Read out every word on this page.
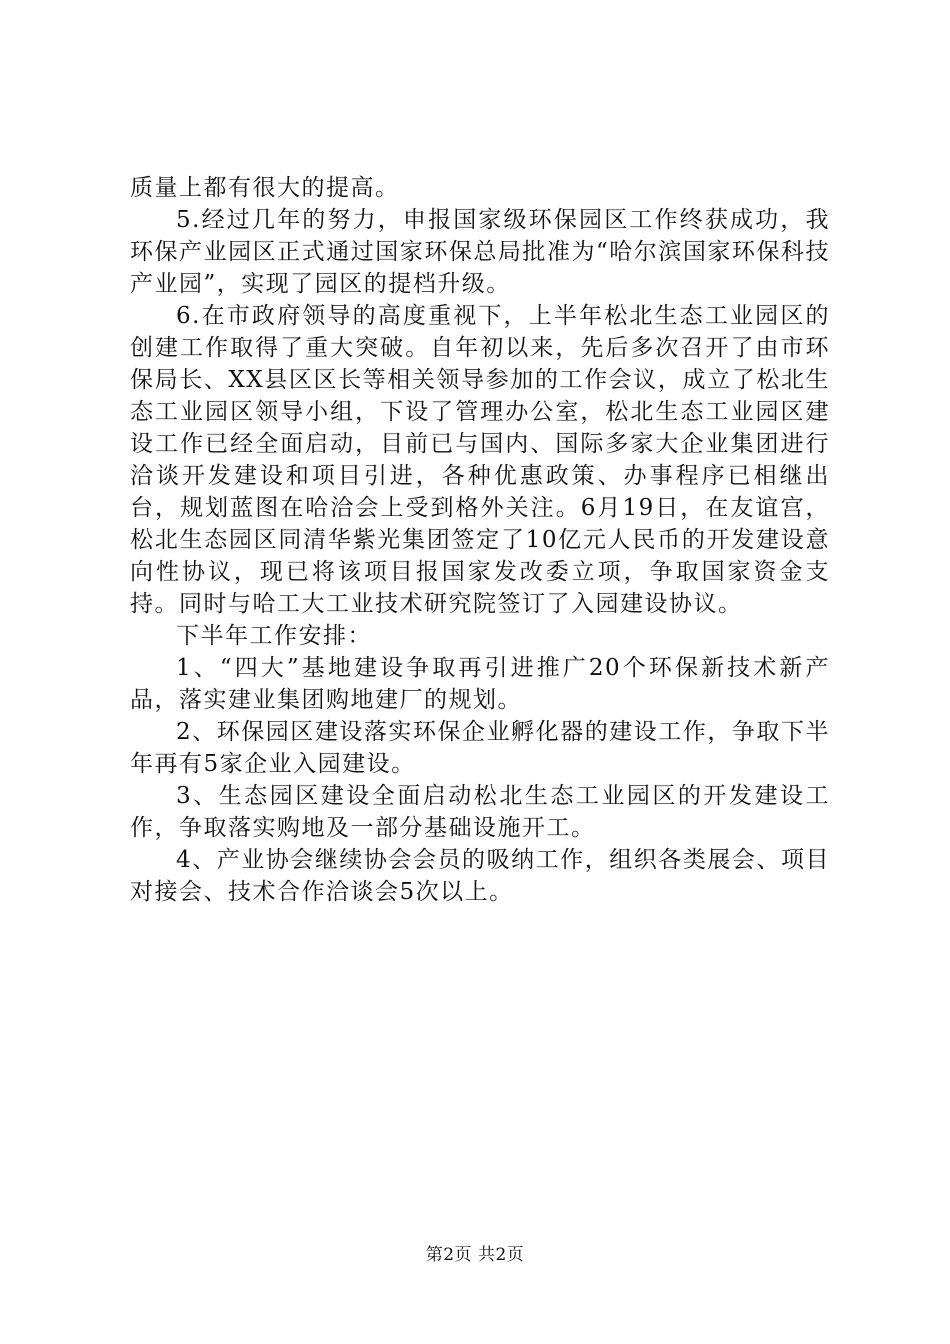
质量上都有很大的提高。

5.经过几年的努力，申报国家级环保园区工作终获成功，我环保产业园区正式通过国家环保总局批准为“哈尔滨国家环保科技产业园”，实现了园区的提档升级。

6.在市政府领导的高度重视下，上半年松北生态工业园区的创建工作取得了重大突破。自年初以来，先后多次召开了由市环保局长、XX县区区长等相关领导参加的工作会议，成立了松北生态工业园区领导小组，下设了管理办公室，松北生态工业园区建设工作已经全面启动，目前已与国内、国际多家大企业集团进行洽谈开发建设和项目引进，各种优惠政策、办事程序已相继出台，规划蓝图在哈洽会上受到格外关注。6月19日，在友谊宫，松北生态园区同清华紫光集团签定了10亿元人民币的开发建设意向性协议，现已将该项目报国家发改委立项，争取国家资金支持。同时与哈工大工业技术研究院签订了入园建设协议。

下半年工作安排：

1、“四大”基地建设争取再引进推广20个环保新技术新产品，落实建业集团购地建厂的规划。

2、环保园区建设落实环保企业孵化器的建设工作，争取下半年再有5家企业入园建设。

3、生态园区建设全面启动松北生态工业园区的开发建设工作，争取落实购地及一部分基础设施开工。

4、产业协会继续协会会员的吸纳工作，组织各类展会、项目对接会、技术合作洽谈会5次以上。

第2页 共2页
